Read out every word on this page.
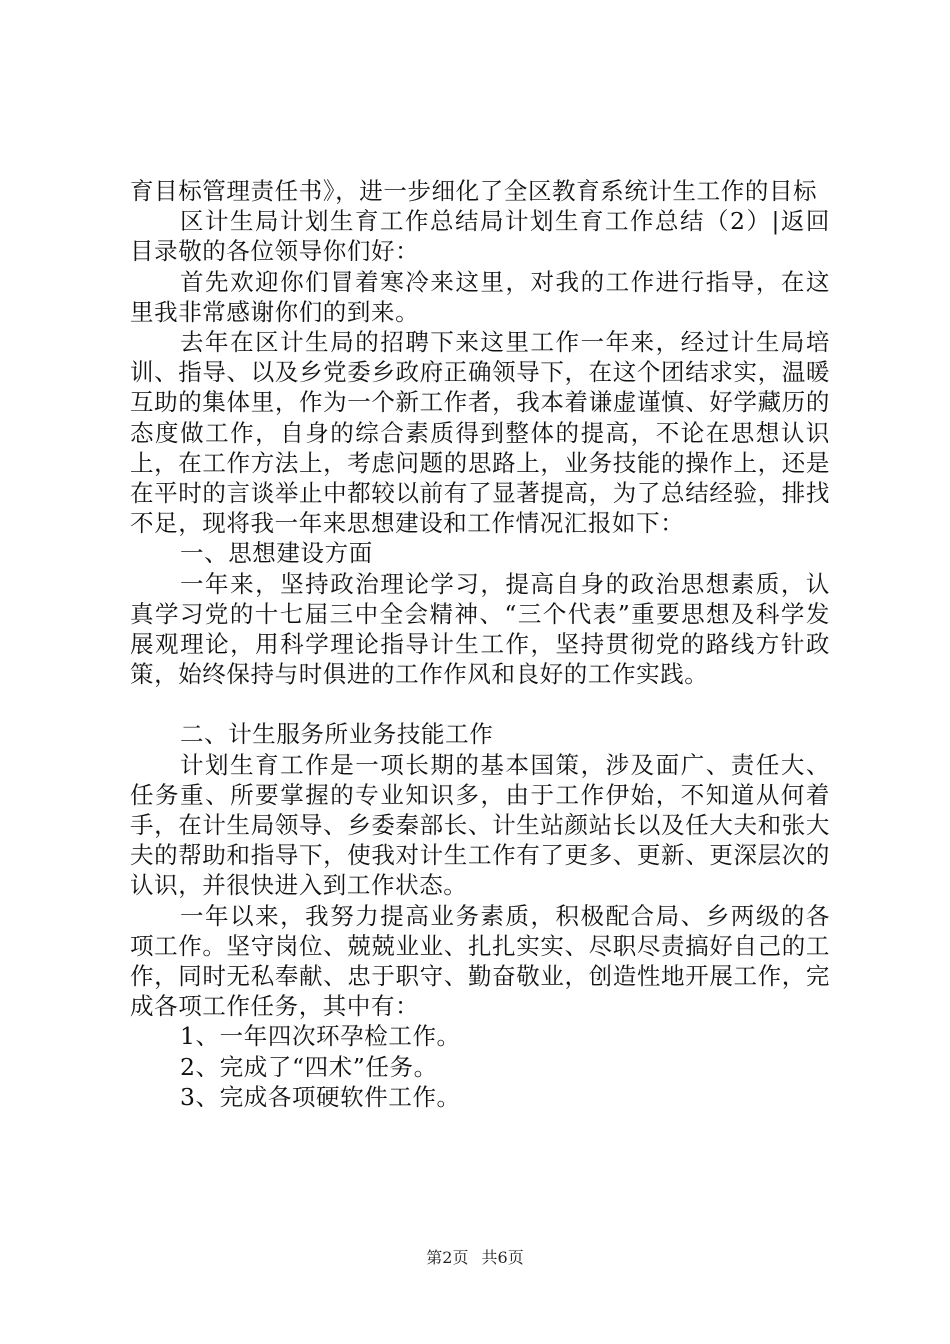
育目标管理责任书》，进一步细化了全区教育系统计生工作的目标

区计生局计划生育工作总结局计划生育工作总结（2）|返回目录敬的各位领导你们好：

首先欢迎你们冒着寒冷来这里，对我的工作进行指导，在这里我非常感谢你们的到来。

去年在区计生局的招聘下来这里工作一年来，经过计生局培训、指导、以及乡党委乡政府正确领导下，在这个团结求实，温暖互助的集体里，作为一个新工作者，我本着谦虚谨慎、好学藏历的态度做工作，自身的综合素质得到整体的提高，不论在思想认识上，在工作方法上，考虑问题的思路上，业务技能的操作上，还是在平时的言谈举止中都较以前有了显著提高，为了总结经验，排找不足，现将我一年来思想建设和工作情况汇报如下：

一、思想建设方面

一年来，坚持政治理论学习，提高自身的政治思想素质，认真学习党的十七届三中全会精神、“三个代表”重要思想及科学发展观理论，用科学理论指导计生工作，坚持贯彻党的路线方针政策，始终保持与时俱进的工作作风和良好的工作实践。

二、计生服务所业务技能工作

计划生育工作是一项长期的基本国策，涉及面广、责任大、任务重、所要掌握的专业知识多，由于工作伊始，不知道从何着手，在计生局领导、乡委秦部长、计生站颜站长以及任大夫和张大夫的帮助和指导下，使我对计生工作有了更多、更新、更深层次的认识，并很快进入到工作状态。

一年以来，我努力提高业务素质，积极配合局、乡两级的各项工作。坚守岗位、兢兢业业、扎扎实实、尽职尽责搞好自己的工作，同时无私奉献、忠于职守、勤奋敬业，创造性地开展工作，完成各项工作任务，其中有：

1、一年四次环孕检工作。

2、完成了“四术”任务。

3、完成各项硬软件工作。

第2页 共6页
